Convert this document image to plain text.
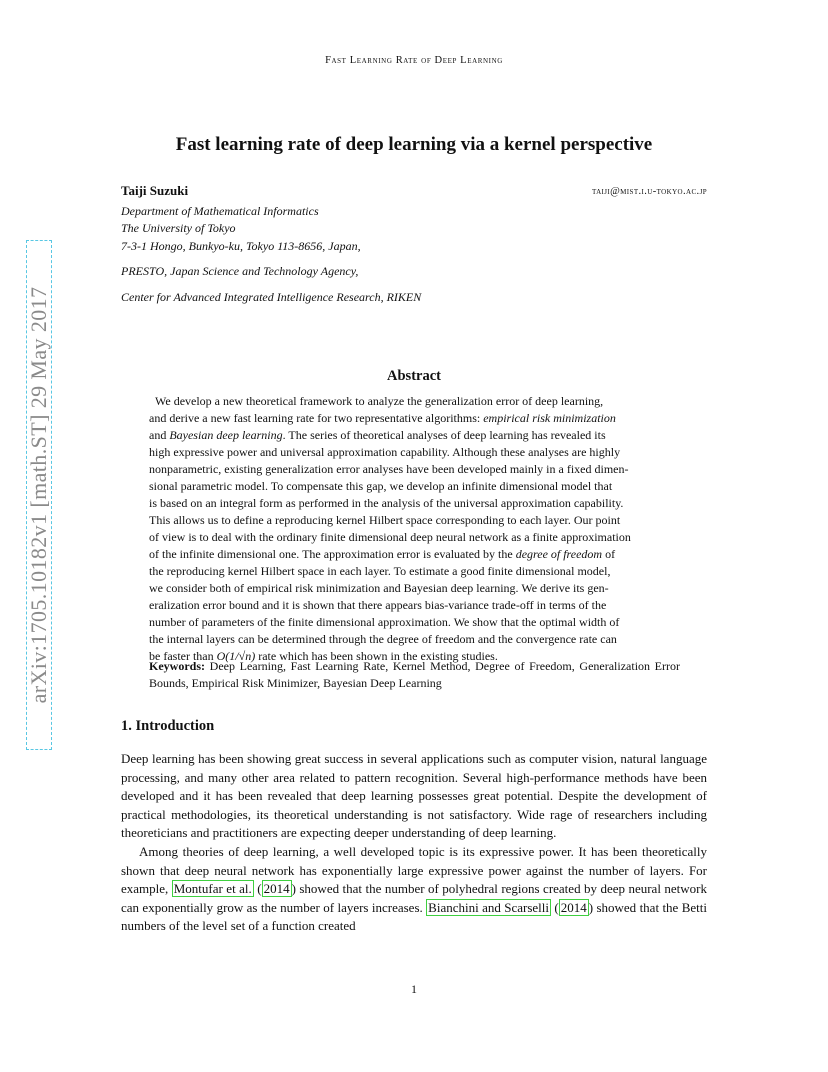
Fast Learning Rate of Deep Learning
arXiv:1705.10182v1 [math.ST] 29 May 2017
Fast learning rate of deep learning via a kernel perspective
Taiji Suzuki	taiji@mist.i.u-tokyo.ac.jp
Department of Mathematical Informatics
The University of Tokyo
7-3-1 Hongo, Bunkyo-ku, Tokyo 113-8656, Japan,
PRESTO, Japan Science and Technology Agency,
Center for Advanced Integrated Intelligence Research, RIKEN
Abstract
We develop a new theoretical framework to analyze the generalization error of deep learning,
and derive a new fast learning rate for two representative algorithms: empirical risk minimization
and Bayesian deep learning. The series of theoretical analyses of deep learning has revealed its
high expressive power and universal approximation capability. Although these analyses are highly
nonparametric, existing generalization error analyses have been developed mainly in a fixed dimen-
sional parametric model. To compensate this gap, we develop an infinite dimensional model that
is based on an integral form as performed in the analysis of the universal approximation capability.
This allows us to define a reproducing kernel Hilbert space corresponding to each layer. Our point
of view is to deal with the ordinary finite dimensional deep neural network as a finite approximation
of the infinite dimensional one. The approximation error is evaluated by the degree of freedom of
the reproducing kernel Hilbert space in each layer. To estimate a good finite dimensional model,
we consider both of empirical risk minimization and Bayesian deep learning. We derive its gen-
eralization error bound and it is shown that there appears bias-variance trade-off in terms of the
number of parameters of the finite dimensional approximation. We show that the optimal width of
the internal layers can be determined through the degree of freedom and the convergence rate can
be faster than O(1/√n) rate which has been shown in the existing studies.
Keywords: Deep Learning, Fast Learning Rate, Kernel Method, Degree of Freedom, Generalization Error Bounds, Empirical Risk Minimizer, Bayesian Deep Learning
1. Introduction

Deep learning has been showing great success in several applications such as computer vision, natural language processing, and many other area related to pattern recognition. Several high-performance methods have been developed and it has been revealed that deep learning possesses great potential. Despite the development of practical methodologies, its theoretical understanding is not satisfactory. Wide rage of researchers including theoreticians and practitioners are expecting deeper understanding of deep learning.

Among theories of deep learning, a well developed topic is its expressive power. It has been theoretically shown that deep neural network has exponentially large expressive power against the number of layers. For example, Montufar et al. ( 2014 ) showed that the number of polyhedral regions created by deep neural network can exponentially grow as the number of layers increases. Bianchini and Scarselli ( 2014 ) showed that the Betti numbers of the level set of a function created

1
